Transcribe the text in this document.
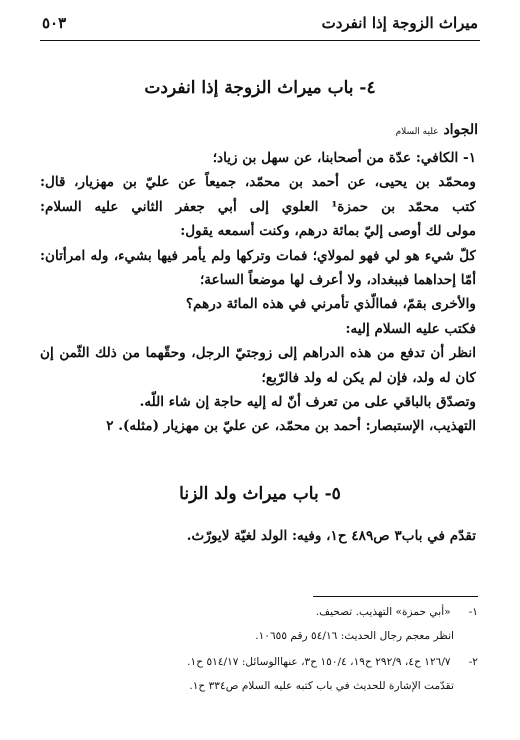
ميراث الزوجة إذا انفردت
٥٠٣
٤- باب ميراث الزوجة إذا انفردت
الجواد عليه السلام
١- الكافي: عدّة من أصحابنا، عن سهل بن زياد؛
ومحمّد بن يحيى، عن أحمد بن محمّد، جميعاً عن عليّ بن مهزيار، قال:
كتب محمّد بن حمزة¹ العلوي إلى أبي جعفر الثاني عليه السلام:
مولى لك أوصى إليّ بمائة درهم، وكنت أسمعه يقول:
كلّ شيء هو لي فهو لمولاي؛ فمات وتركها ولم يأمر فيها بشيء، وله امرأتان:
أمّا إحداهما فببغداد، ولا أعرف لها موضعاً الساعة؛
والأخرى بقمّ، فماالّذي تأمرني في هذه المائة درهم؟
فكتب عليه السلام إليه:
انظر أن تدفع من هذه الدراهم إلى زوجتيّ الرجل، وحقّهما من ذلك الثّمن إن
كان له ولد، فإن لم يكن له ولد فالرّبع؛
وتصدّق بالباقي على من تعرف أنّ له إليه حاجة إن شاء اللّه.
التهذيب، الإستبصار: أحمد بن محمّد، عن عليّ بن مهزيار (مثله). ٢
٥- باب ميراث ولد الزنا
تقدّم في باب٣ ص٤٨٩ ح١، وفيه: الولد لغيّة لايورّث.
١- «أبي حمزة» التهذيب. تصحيف.
انظر معجم رجال الحديث: ٥٤/١٦ رقم ١٠٦٥٥.
٢- ١٢٦/٧ ح٤، ٢٩٢/٩ ح١٩، ١٥٠/٤ ح٣، عنهاالوسائل: ٥١٤/١٧ ح١.
تقدّمت الإشارة للحديث في باب كتبه عليه السلام ص٣٣٤ ح١.
